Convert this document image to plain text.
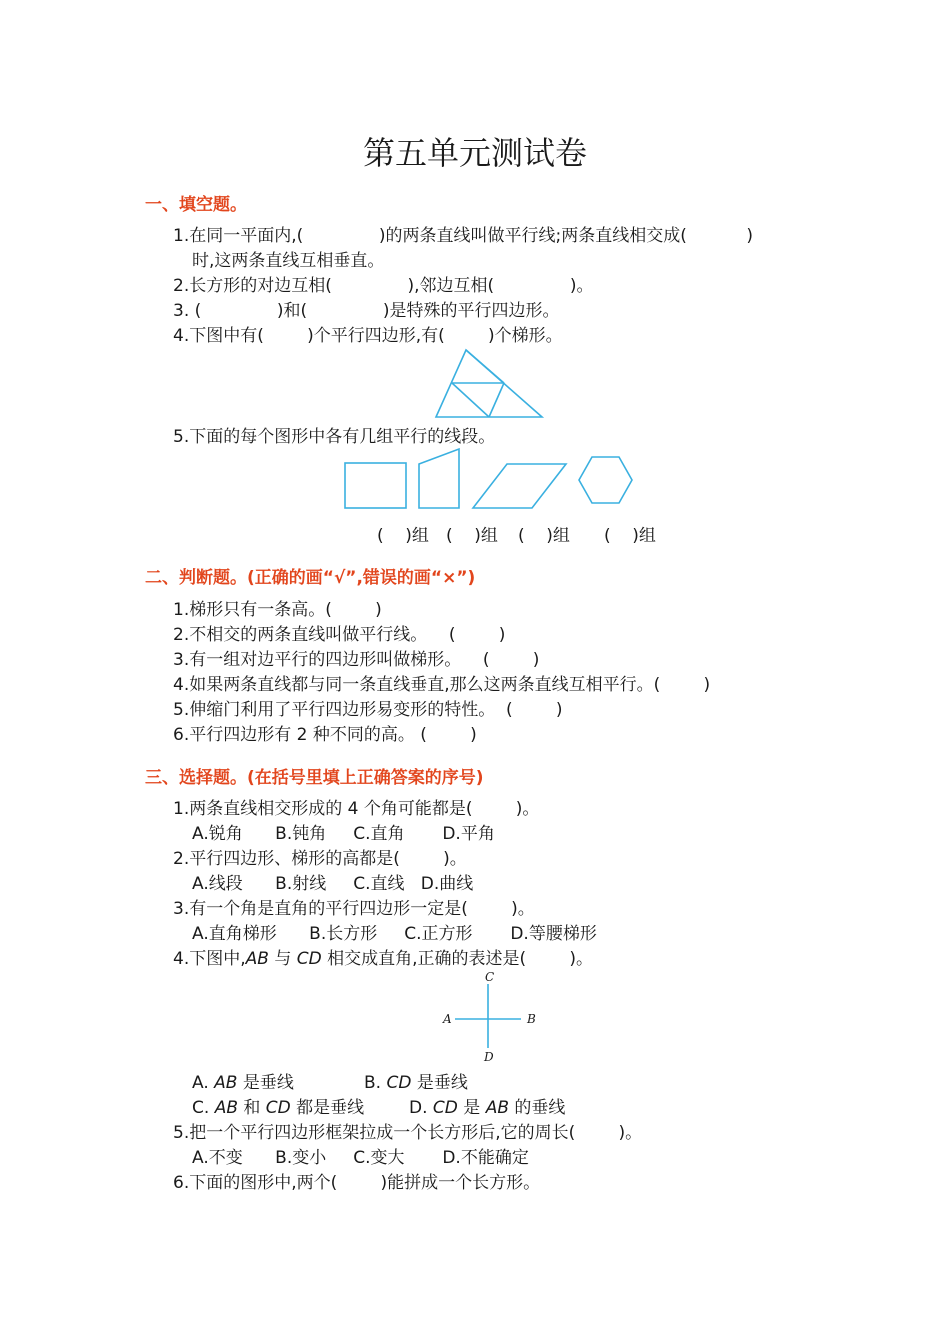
第五单元测试卷
一、填空题。
1.在同一平面内,(              )的两条直线叫做平行线;两条直线相交成(           )
时,这两条直线互相垂直。
2.长方形的对边互相(              ),邻边互相(              )。
3. (              )和(              )是特殊的平行四边形。
4.下图中有(        )个平行四边形,有(        )个梯形。
5.下面的每个图形中各有几组平行的线段。
(    )组 (    )组 (    )组 (    )组
二、判断题。(正确的画“√”,错误的画“×”)
1.梯形只有一条高。(        )
2.不相交的两条直线叫做平行线。    (        )
3.有一组对边平行的四边形叫做梯形。    (        )
4.如果两条直线都与同一条直线垂直,那么这两条直线互相平行。(        )
5.伸缩门利用了平行四边形易变形的特性。  (        )
6.平行四边形有 2 种不同的高。 (        )
三、选择题。(在括号里填上正确答案的序号)
1.两条直线相交形成的 4 个角可能都是(        )。
A.锐角      B.钝角     C.直角       D.平角
2.平行四边形、梯形的高都是(        )。
A.线段      B.射线     C.直线   D.曲线
3.有一个角是直角的平行四边形一定是(        )。
A.直角梯形      B.长方形     C.正方形       D.等腰梯形
4.下图中,AB 与 CD 相交成直角,正确的表述是(        )。
C
A	B
D
A. AB 是垂线	B. CD 是垂线
C. AB 和 CD 都是垂线	D. CD 是 AB 的垂线
5.把一个平行四边形框架拉成一个长方形后,它的周长(        )。
A.不变      B.变小     C.变大       D.不能确定
6.下面的图形中,两个(        )能拼成一个长方形。
